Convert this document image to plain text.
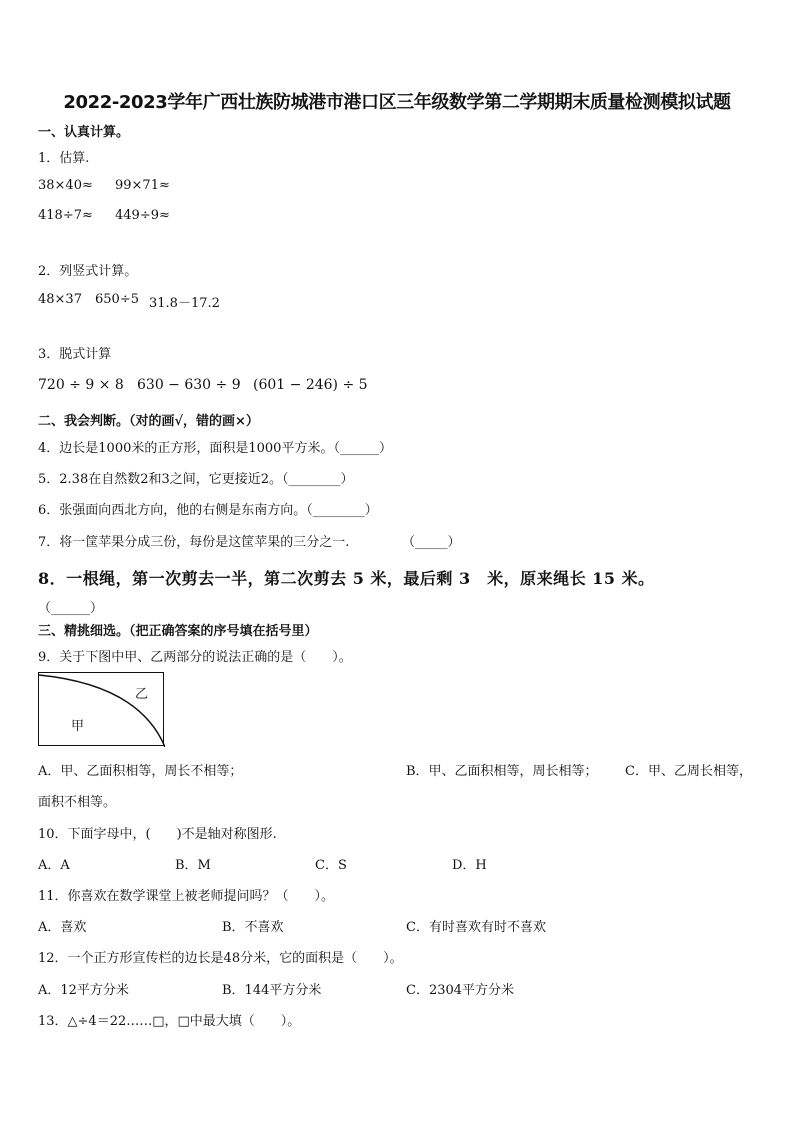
2022-2023学年广西壮族防城港市港口区三年级数学第二学期期末质量检测模拟试题
一、认真计算。
1．估算.
38×40≈ 99×71≈
418÷7≈ 449÷9≈
2．列竖式计算。
48×37 650÷5 31.8－17.2
3．脱式计算
720 ÷ 9 × 8 630 − 630 ÷ 9 (601 − 246) ÷ 5
二、我会判断。（对的画√，错的画×）
4．边长是1000米的正方形，面积是1000平方米。（______）
5．2.38在自然数2和3之间，它更接近2。（________）
6．张强面向西北方向，他的右侧是东南方向。（________）
7．将一筐苹果分成三份，每份是这筐苹果的三分之一.	（_____）
8．一根绳，第一次剪去一半，第二次剪去 5 米，最后剩 3　米，原来绳长 15 米。
（______）
三、精挑细选。（把正确答案的序号填在括号里）
9．关于下图中甲、乙两部分的说法正确的是（　　）。
乙
甲
A．甲、乙面积相等，周长不相等；	B．甲、乙面积相等，周长相等； C．甲、乙周长相等，
面积不相等。
10．下面字母中，(　　)不是轴对称图形.
A．A	B．M	C．S	D．H
11．你喜欢在数学课堂上被老师提问吗？（　　）。
A．喜欢	B．不喜欢	C．有时喜欢有时不喜欢
12．一个正方形宣传栏的边长是48分米，它的面积是（　　）。
A．12平方分米	B．144平方分米	C．2304平方分米
13．△÷4＝22……□，□中最大填（　　）。
